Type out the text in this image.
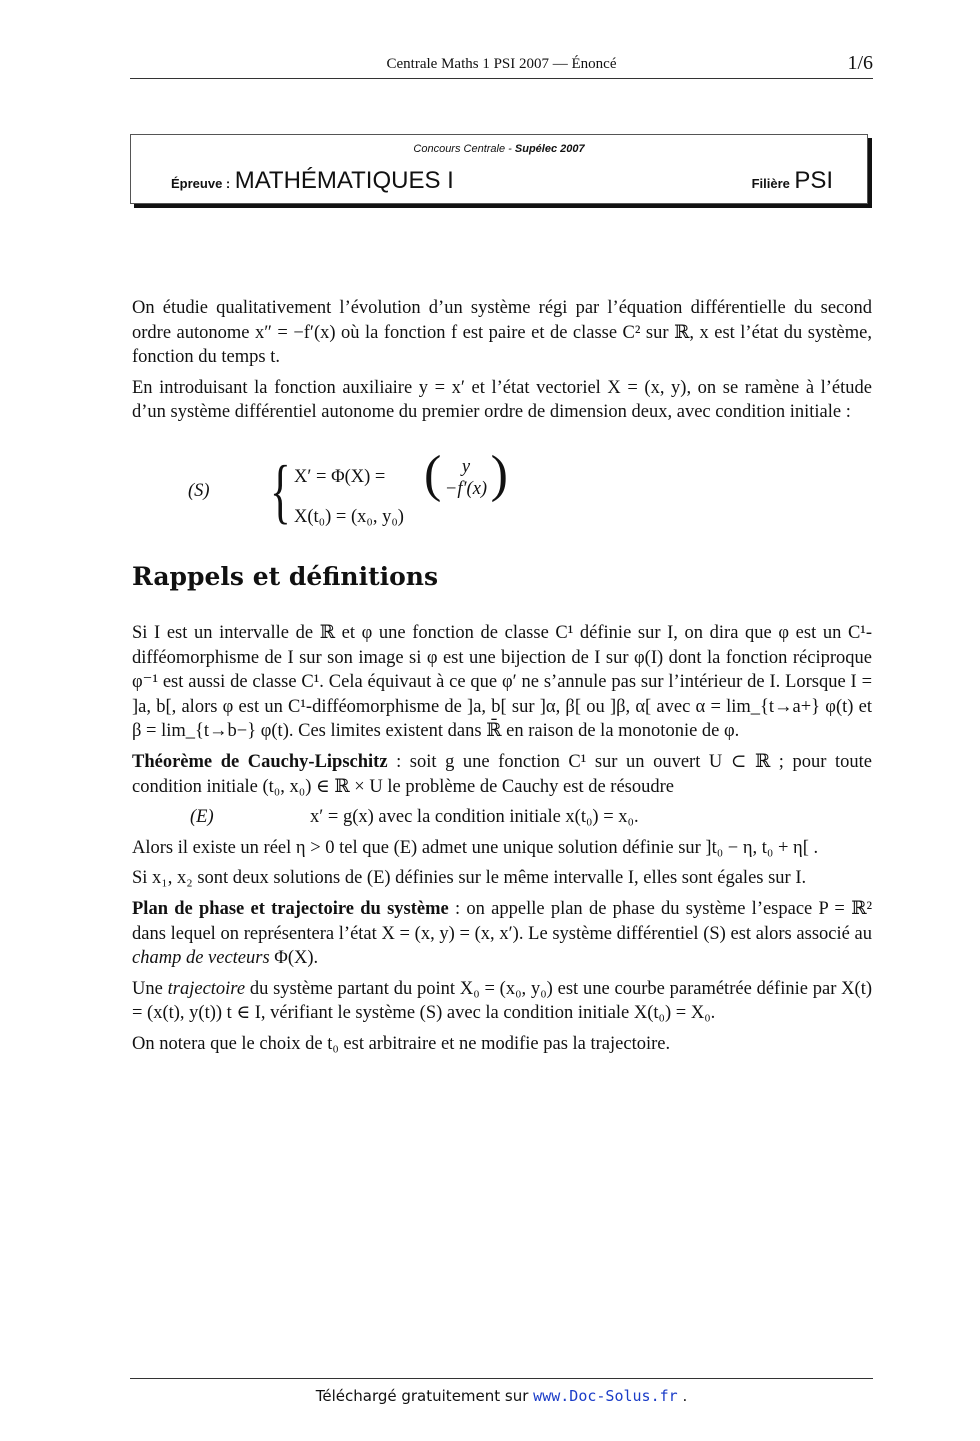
Centrale Maths 1 PSI 2007 — Énoncé	1/6
Concours Centrale - Supélec 2007
Épreuve : MATHÉMATIQUES I	Filière PSI

On étudie qualitativement l’évolution d’un système régi par l’équation différentielle du second ordre autonome x″ = −f′(x) où la fonction f est paire et de classe C² sur ℝ, x est l’état du système, fonction du temps t.

En introduisant la fonction auxiliaire y = x′ et l’état vectoriel X = (x, y), on se ramène à l’étude d’un système différentiel autonome du premier ordre de dimension deux, avec condition initiale :

(S) { X′ = Φ(X) = (	y
−f′(x) )
X(t₀) = (x₀, y₀)
Rappels et définitions

Si I est un intervalle de ℝ et φ une fonction de classe C¹ définie sur I, on dira que φ est un C¹-difféomorphisme de I sur son image si φ est une bijection de I sur φ(I) dont la fonction réciproque φ⁻¹ est aussi de classe C¹. Cela équivaut à ce que φ′ ne s’annule pas sur l’intérieur de I. Lorsque I = ]a, b[, alors φ est un C¹-difféomorphisme de ]a, b[ sur ]α, β[ ou ]β, α[ avec α = lim_{t→a+} φ(t) et β = lim_{t→b−} φ(t). Ces limites existent dans ℝ̄ en raison de la monotonie de φ.

Théorème de Cauchy-Lipschitz : soit g une fonction C¹ sur un ouvert U ⊂ ℝ ; pour toute condition initiale (t₀, x₀) ∈ ℝ × U le problème de Cauchy est de résoudre

(E)	x′ = g(x) avec la condition initiale x(t₀) = x₀.

Alors il existe un réel η > 0 tel que (E) admet une unique solution définie sur ]t₀ − η, t₀ + η[ .

Si x₁, x₂ sont deux solutions de (E) définies sur le même intervalle I, elles sont égales sur I.

Plan de phase et trajectoire du système : on appelle plan de phase du système l’espace P = ℝ² dans lequel on représentera l’état X = (x, y) = (x, x′). Le système différentiel (S) est alors associé au champ de vecteurs Φ(X).

Une trajectoire du système partant du point X₀ = (x₀, y₀) est une courbe paramétrée définie par X(t) = (x(t), y(t)) t ∈ I, vérifiant le système (S) avec la condition initiale X(t₀) = X₀.

On notera que le choix de t₀ est arbitraire et ne modifie pas la trajectoire.

Téléchargé gratuitement sur www.Doc-Solus.fr .
